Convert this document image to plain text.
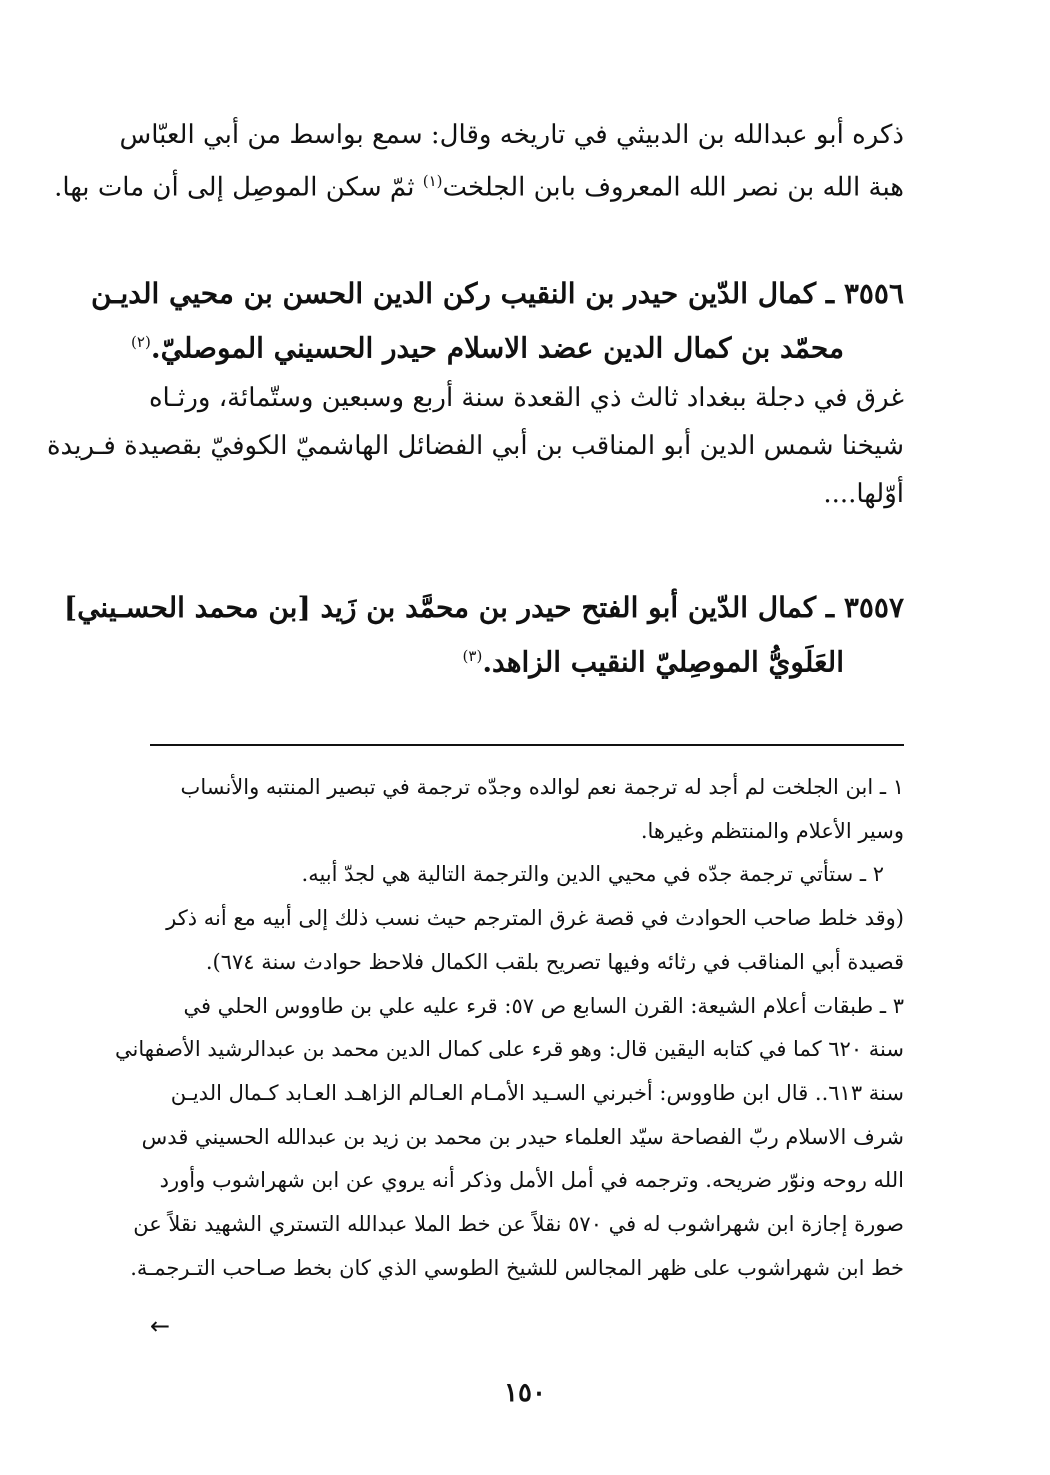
ذكره أبو عبدالله بن الدبيثي في تاريخه وقال: سمع بواسط من أبي العبّاس
هبة الله بن نصر الله المعروف بابن الجلخت$^{(١)}$ ثمّ سكن الموصِل إلى أن مات بها.
٣٥٥٦ ـ كمال الدّين حيدر بن النقيب ركن الدين الحسن بن محيي الديـن
محمّد بن كمال الدين عضد الاسلام حيدر الحسيني الموصليّ.$^{(٢)}$
غرق في دجلة ببغداد ثالث ذي القعدة سنة أربع وسبعين وستّمائة، ورثـاه
شيخنا شمس الدين أبو المناقب بن أبي الفضائل الهاشميّ الكوفيّ بقصيدة فـريدة
أوّلها....
٣٥٥٧ ـ كمال الدّين أبو الفتح حيدر بن محمَّد بن زَيد [بن محمد الحسـيني]
العَلَويُّ الموصِليّ النقيب الزاهد.$^{(٣)}$
١ ـ ابن الجلخت لم أجد له ترجمة نعم لوالده وجدّه ترجمة في تبصير المنتبه والأنساب
وسير الأعلام والمنتظم وغيرها.
٢ ـ ستأتي ترجمة جدّه في محيي الدين والترجمة التالية هي لجدّ أبيه.
(وقد خلط صاحب الحوادث في قصة غرق المترجم حيث نسب ذلك إلى أبيه مع أنه ذكر
قصيدة أبي المناقب في رثائه وفيها تصريح بلقب الكمال فلاحظ حوادث سنة ٦٧٤).
٣ ـ طبقات أعلام الشيعة: القرن السابع ص ٥٧: قرء عليه علي بن طاووس الحلي في
سنة ٦٢٠ كما في كتابه اليقين قال: وهو قرء على كمال الدين محمد بن عبدالرشيد الأصفهاني
سنة ٦١٣.. قال ابن طاووس: أخبرني السـيد الأمـام العـالم الزاهـد العـابد كـمال الديـن
شرف الاسلام ربّ الفصاحة سيّد العلماء حيدر بن محمد بن زيد بن عبدالله الحسيني قدس
الله روحه ونوّر ضريحه. وترجمه في أمل الأمل وذكر أنه يروي عن ابن شهراشوب وأورد
صورة إجازة ابن شهراشوب له في ٥٧٠ نقلاً عن خط الملا عبدالله التستري الشهيد نقلاً عن
خط ابن شهراشوب على ظهر المجالس للشيخ الطوسي الذي كان بخط صـاحب التـرجمـة.
←
١٥٠
